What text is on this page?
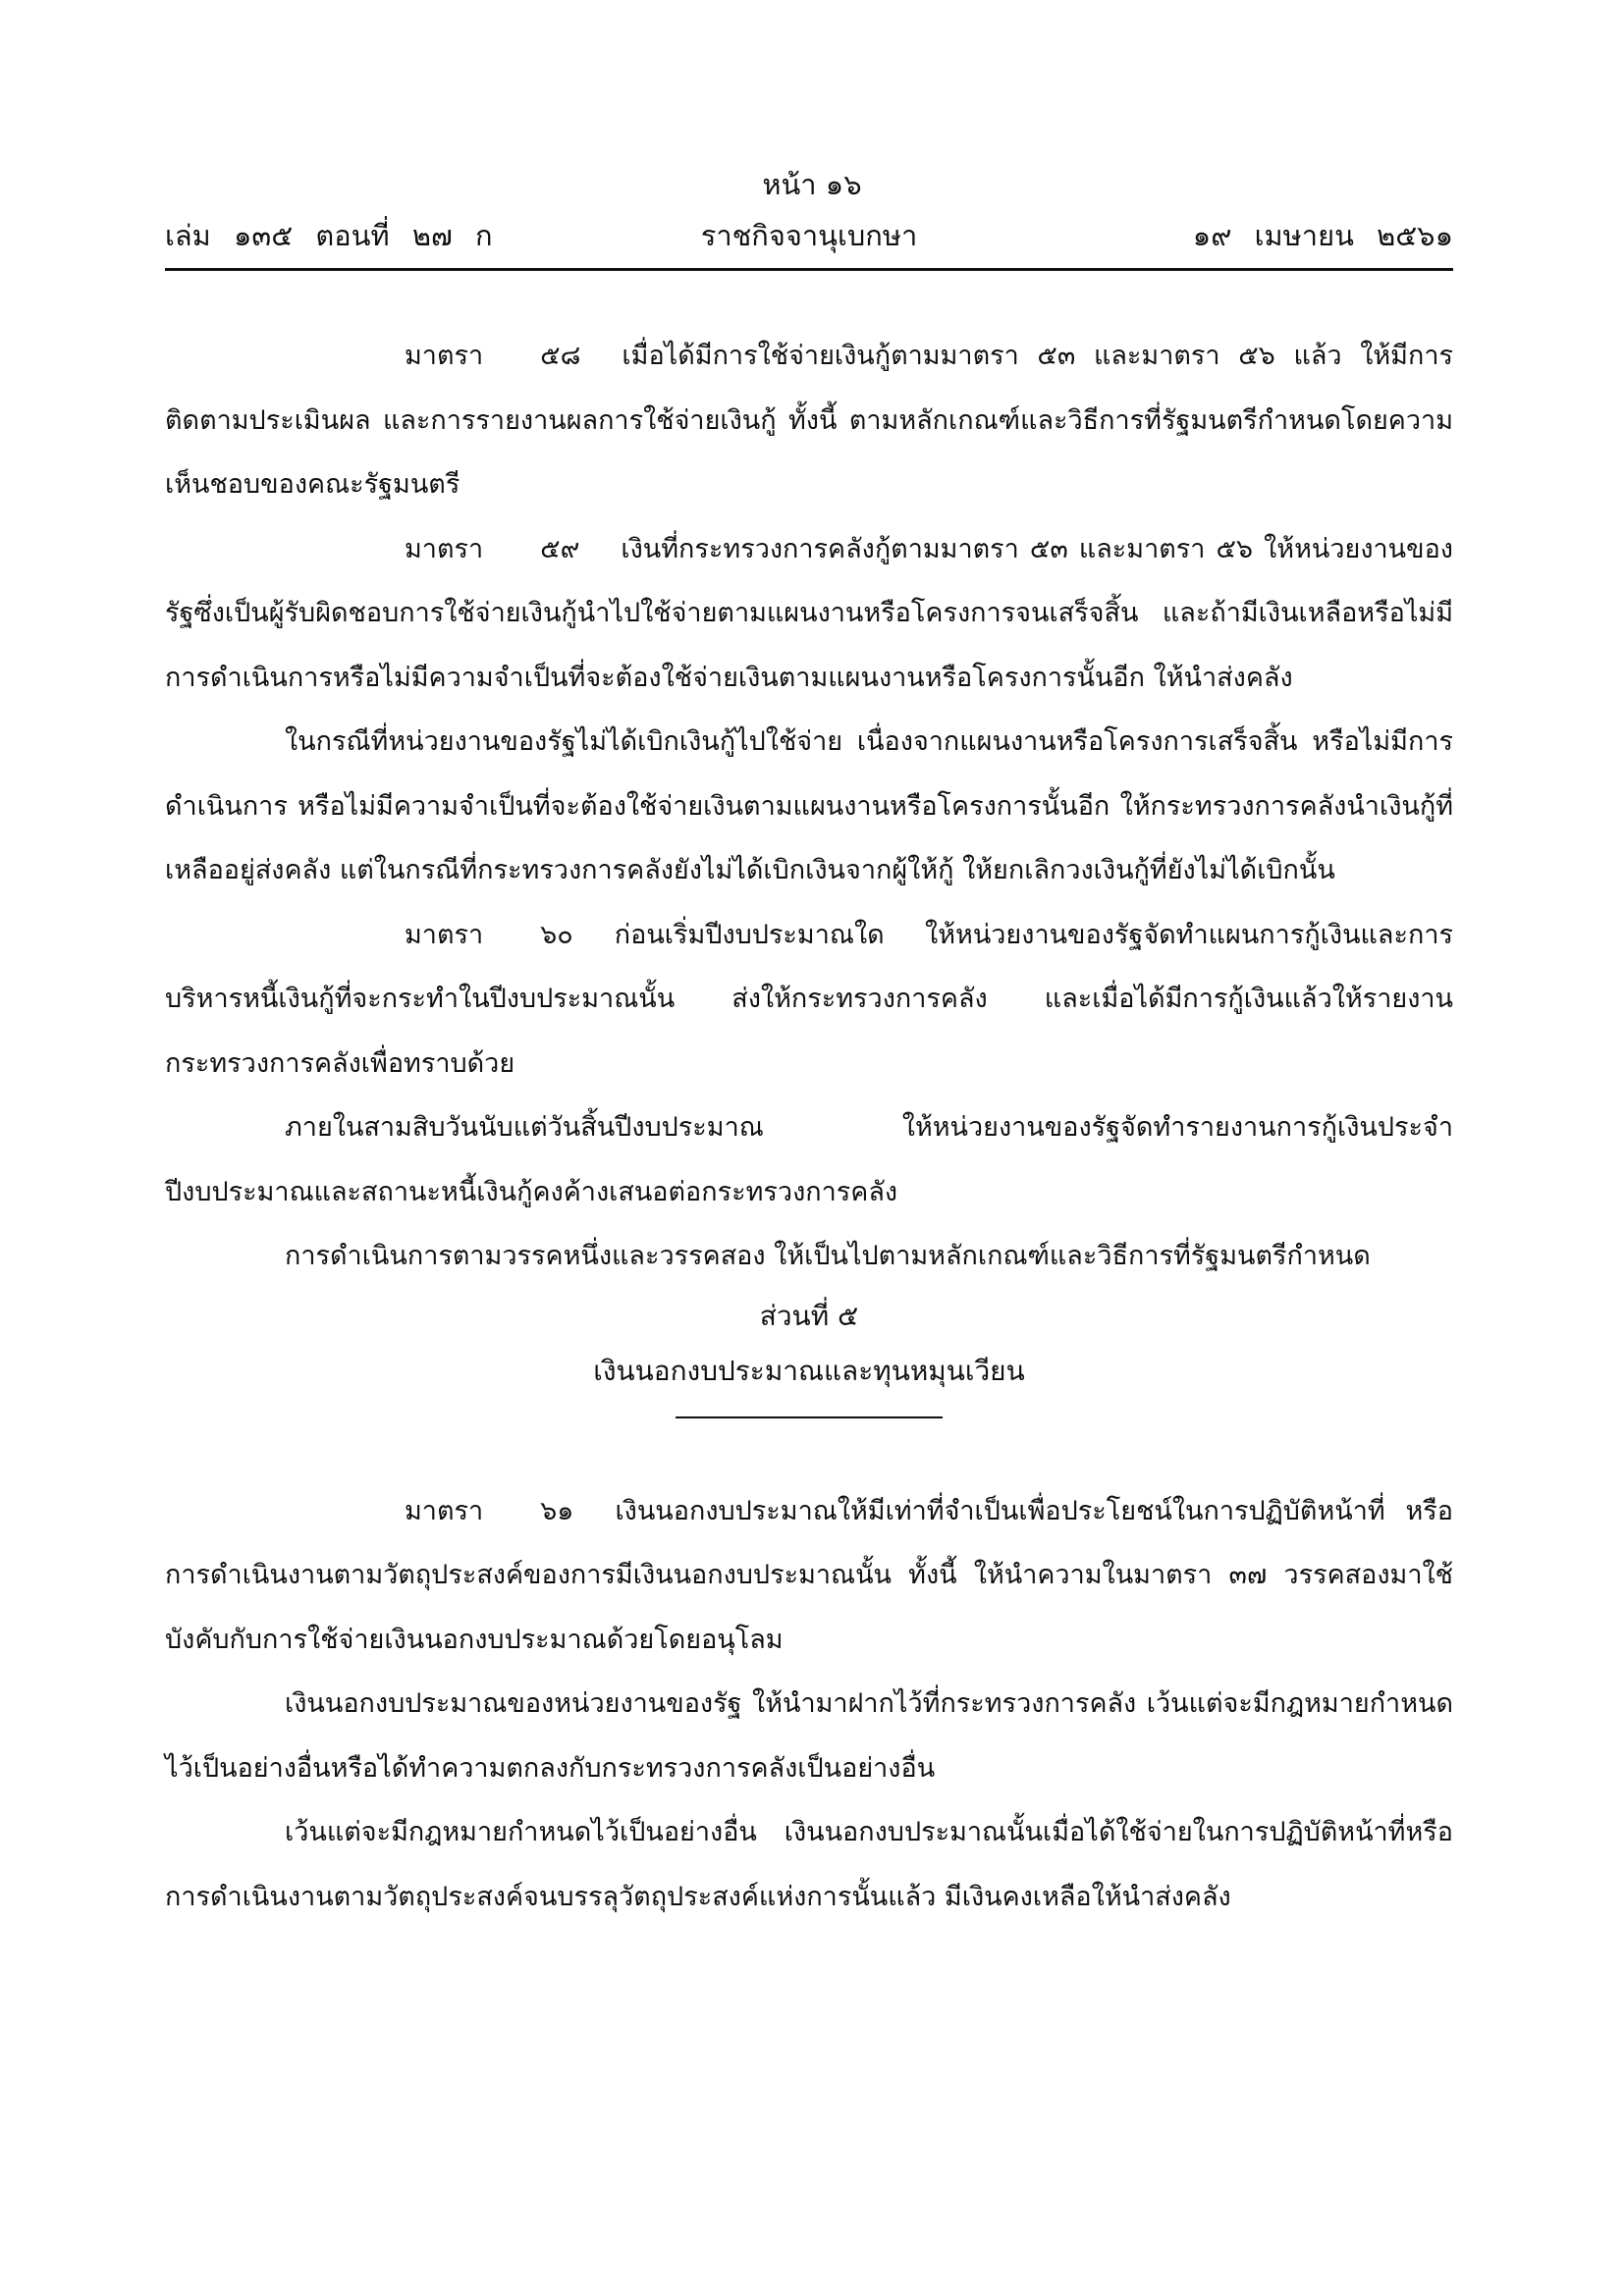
หน้า ๑๖
เล่ม ๑๓๕ ตอนที่ ๒๗ ก	ราชกิจจานุเบกษา	๑๙ เมษายน ๒๕๖๑

มาตรา ๕๘ เมื่อได้มีการใช้จ่ายเงินกู้ตามมาตรา ๕๓ และมาตรา ๕๖ แล้ว ให้มีการติดตามประเมินผล และการรายงานผลการใช้จ่ายเงินกู้ ทั้งนี้ ตามหลักเกณฑ์และวิธีการที่รัฐมนตรีกำหนดโดยความเห็นชอบของคณะรัฐมนตรี

มาตรา ๕๙ เงินที่กระทรวงการคลังกู้ตามมาตรา ๕๓ และมาตรา ๕๖ ให้หน่วยงานของรัฐซึ่งเป็นผู้รับผิดชอบการใช้จ่ายเงินกู้นำไปใช้จ่ายตามแผนงานหรือโครงการจนเสร็จสิ้น และถ้ามีเงินเหลือหรือไม่มีการดำเนินการหรือไม่มีความจำเป็นที่จะต้องใช้จ่ายเงินตามแผนงานหรือโครงการนั้นอีก ให้นำส่งคลัง

ในกรณีที่หน่วยงานของรัฐไม่ได้เบิกเงินกู้ไปใช้จ่าย เนื่องจากแผนงานหรือโครงการเสร็จสิ้น หรือไม่มีการดำเนินการ หรือไม่มีความจำเป็นที่จะต้องใช้จ่ายเงินตามแผนงานหรือโครงการนั้นอีก ให้กระทรวงการคลังนำเงินกู้ที่เหลืออยู่ส่งคลัง แต่ในกรณีที่กระทรวงการคลังยังไม่ได้เบิกเงินจากผู้ให้กู้ ให้ยกเลิกวงเงินกู้ที่ยังไม่ได้เบิกนั้น

มาตรา ๖๐ ก่อนเริ่มปีงบประมาณใด ให้หน่วยงานของรัฐจัดทำแผนการกู้เงินและการบริหารหนี้เงินกู้ที่จะกระทำในปีงบประมาณนั้น ส่งให้กระทรวงการคลัง และเมื่อได้มีการกู้เงินแล้วให้รายงานกระทรวงการคลังเพื่อทราบด้วย

ภายในสามสิบวันนับแต่วันสิ้นปีงบประมาณ ให้หน่วยงานของรัฐจัดทำรายงานการกู้เงินประจำปีงบประมาณและสถานะหนี้เงินกู้คงค้างเสนอต่อกระทรวงการคลัง

การดำเนินการตามวรรคหนึ่งและวรรคสอง ให้เป็นไปตามหลักเกณฑ์และวิธีการที่รัฐมนตรีกำหนด

ส่วนที่ ๕

เงินนอกงบประมาณและทุนหมุนเวียน

มาตรา ๖๑ เงินนอกงบประมาณให้มีเท่าที่จำเป็นเพื่อประโยชน์ในการปฏิบัติหน้าที่ หรือการดำเนินงานตามวัตถุประสงค์ของการมีเงินนอกงบประมาณนั้น ทั้งนี้ ให้นำความในมาตรา ๓๗ วรรคสองมาใช้บังคับกับการใช้จ่ายเงินนอกงบประมาณด้วยโดยอนุโลม

เงินนอกงบประมาณของหน่วยงานของรัฐ ให้นำมาฝากไว้ที่กระทรวงการคลัง เว้นแต่จะมีกฎหมายกำหนดไว้เป็นอย่างอื่นหรือได้ทำความตกลงกับกระทรวงการคลังเป็นอย่างอื่น

เว้นแต่จะมีกฎหมายกำหนดไว้เป็นอย่างอื่น เงินนอกงบประมาณนั้นเมื่อได้ใช้จ่ายในการปฏิบัติหน้าที่หรือการดำเนินงานตามวัตถุประสงค์จนบรรลุวัตถุประสงค์แห่งการนั้นแล้ว มีเงินคงเหลือให้นำส่งคลัง
